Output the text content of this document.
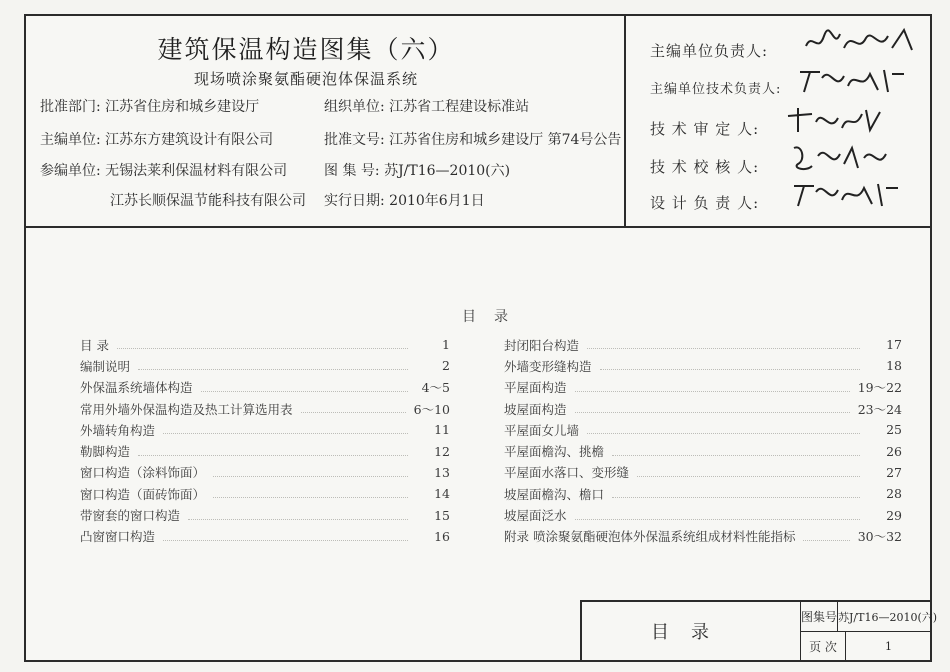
建筑保温构造图集（六）
现场喷涂聚氨酯硬泡体保温系统
批准部门: 江苏省住房和城乡建设厅	组织单位: 江苏省工程建设标准站
主编单位: 江苏东方建筑设计有限公司	批准文号: 江苏省住房和城乡建设厅 第74号公告
参编单位: 无锡法莱利保温材料有限公司	图 集 号: 苏J/T16—2010(六)
江苏长顺保温节能科技有限公司 实行日期: 2010年6月1日
主编单位负责人:
主编单位技术负责人:
技 术 审 定 人:
技 术 校 核 人:
设 计 负 责 人:
目录
目 录	1
编制说明	2
外保温系统墙体构造	4～5
常用外墙外保温构造及热工计算选用表	6～10
外墙转角构造	11
勒脚构造	12
窗口构造（涂料饰面）	13
窗口构造（面砖饰面）	14
带窗套的窗口构造	15
凸窗窗口构造	16
封闭阳台构造	17
外墙变形缝构造	18
平屋面构造	19～22
坡屋面构造	23～24
平屋面女儿墙	25
平屋面檐沟、挑檐	26
平屋面水落口、变形缝	27
坡屋面檐沟、檐口	28
坡屋面泛水	29
附录 喷涂聚氨酯硬泡体外保温系统组成材料性能指标	30～32
目录
图集号 苏J/T16—2010(六)
页 次	1
